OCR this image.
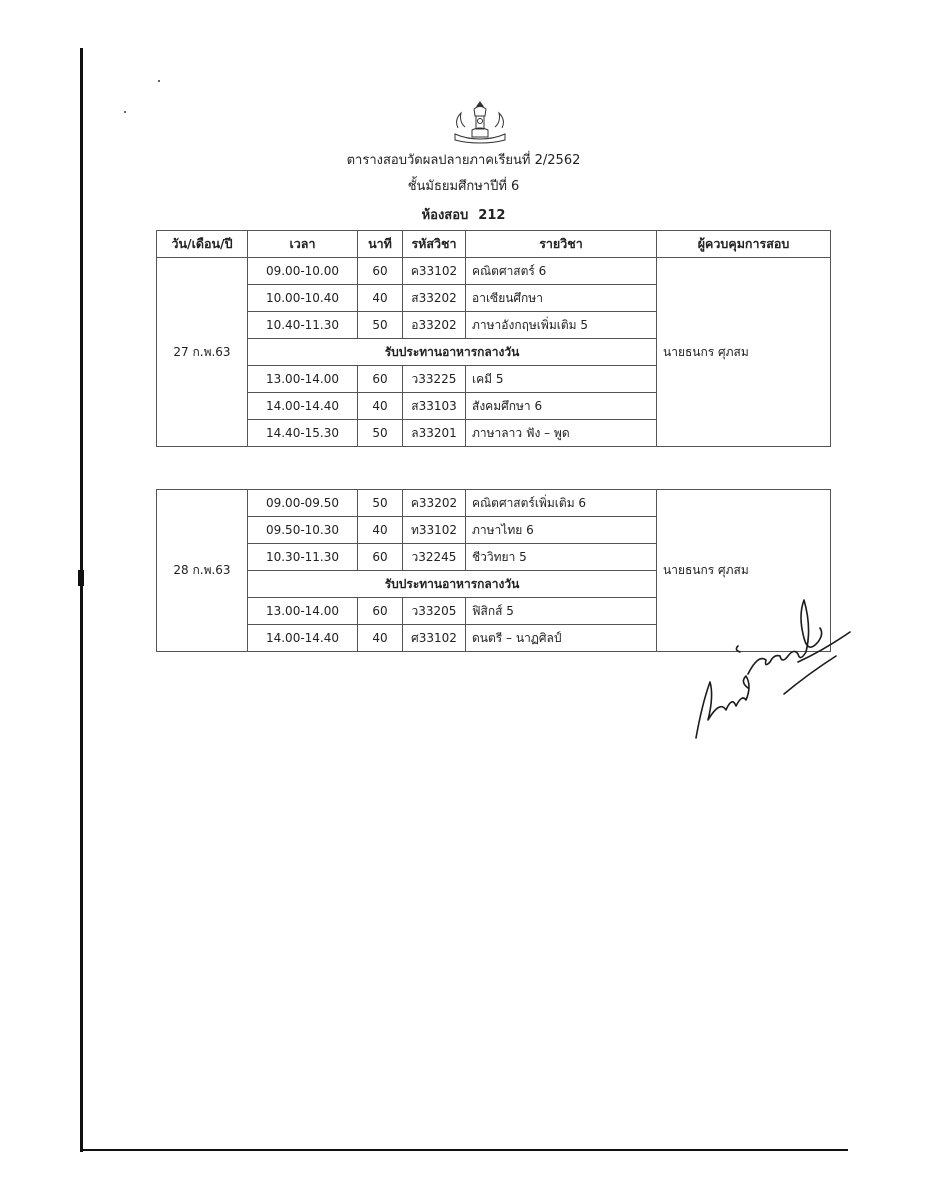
ตารางสอบวัดผลปลายภาคเรียนที่ 2/2562
ชั้นมัธยมศึกษาปีที่ 6
ห้องสอบ 212
วัน/เดือน/ปี	เวลา	นาที	รหัสวิชา	รายวิชา	ผู้ควบคุมการสอบ
27 ก.พ.63	09.00-10.00	60	ค33102	คณิตศาสตร์ 6	นายธนกร ศุภสม
	10.00-10.40	40	ส33202	อาเซียนศึกษา	
	10.40-11.30	50	อ33202	ภาษาอังกฤษเพิ่มเติม 5	
	รับประทานอาหารกลางวัน				
	13.00-14.00	60	ว33225	เคมี 5	
	14.00-14.40	40	ส33103	สังคมศึกษา 6	
	14.40-15.30	50	ล33201	ภาษาลาว ฟัง – พูด	
28 ก.พ.63	09.00-09.50	50	ค33202	คณิตศาสตร์เพิ่มเติม 6	นายธนกร ศุภสม
	09.50-10.30	40	ท33102	ภาษาไทย 6	
	10.30-11.30	60	ว32245	ชีววิทยา 5	
	รับประทานอาหารกลางวัน				
	13.00-14.00	60	ว33205	ฟิสิกส์ 5	
	14.00-14.40	40	ศ33102	ดนตรี – นาฏศิลป์	
